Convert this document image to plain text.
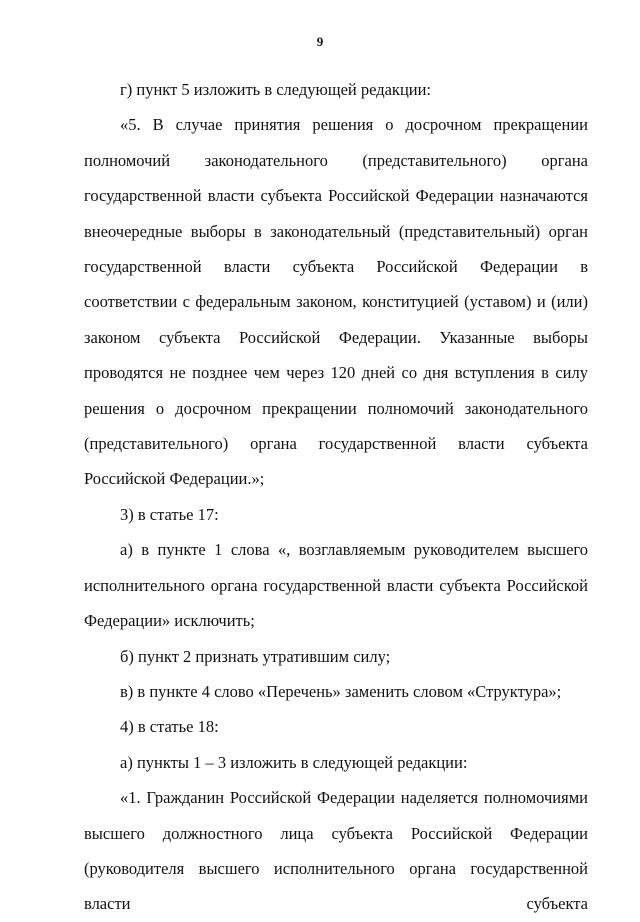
9

г) пункт 5 изложить в следующей редакции:

«5. В случае принятия решения о досрочном прекращении полномочий законодательного (представительного) органа государственной власти субъекта Российской Федерации назначаются внеочередные выборы в законодательный (представительный) орган государственной власти субъекта Российской Федерации в соответствии с федеральным законом, конституцией (уставом) и (или) законом субъекта Российской Федерации. Указанные выборы проводятся не позднее чем через 120 дней со дня вступления в силу решения о досрочном прекращении полномочий законодательного (представительного) органа государственной власти субъекта Российской Федерации.»;

3) в статье 17:

а) в пункте 1 слова «, возглавляемым руководителем высшего исполнительного органа государственной власти субъекта Российской Федерации» исключить;

б) пункт 2 признать утратившим силу;

в) в пункте 4 слово «Перечень» заменить словом «Структура»;

4) в статье 18:

а) пункты 1 – 3 изложить в следующей редакции:

«1. Гражданин Российской Федерации наделяется полномочиями высшего должностного лица субъекта Российской Федерации (руководителя высшего исполнительного органа государственной власти субъекта
